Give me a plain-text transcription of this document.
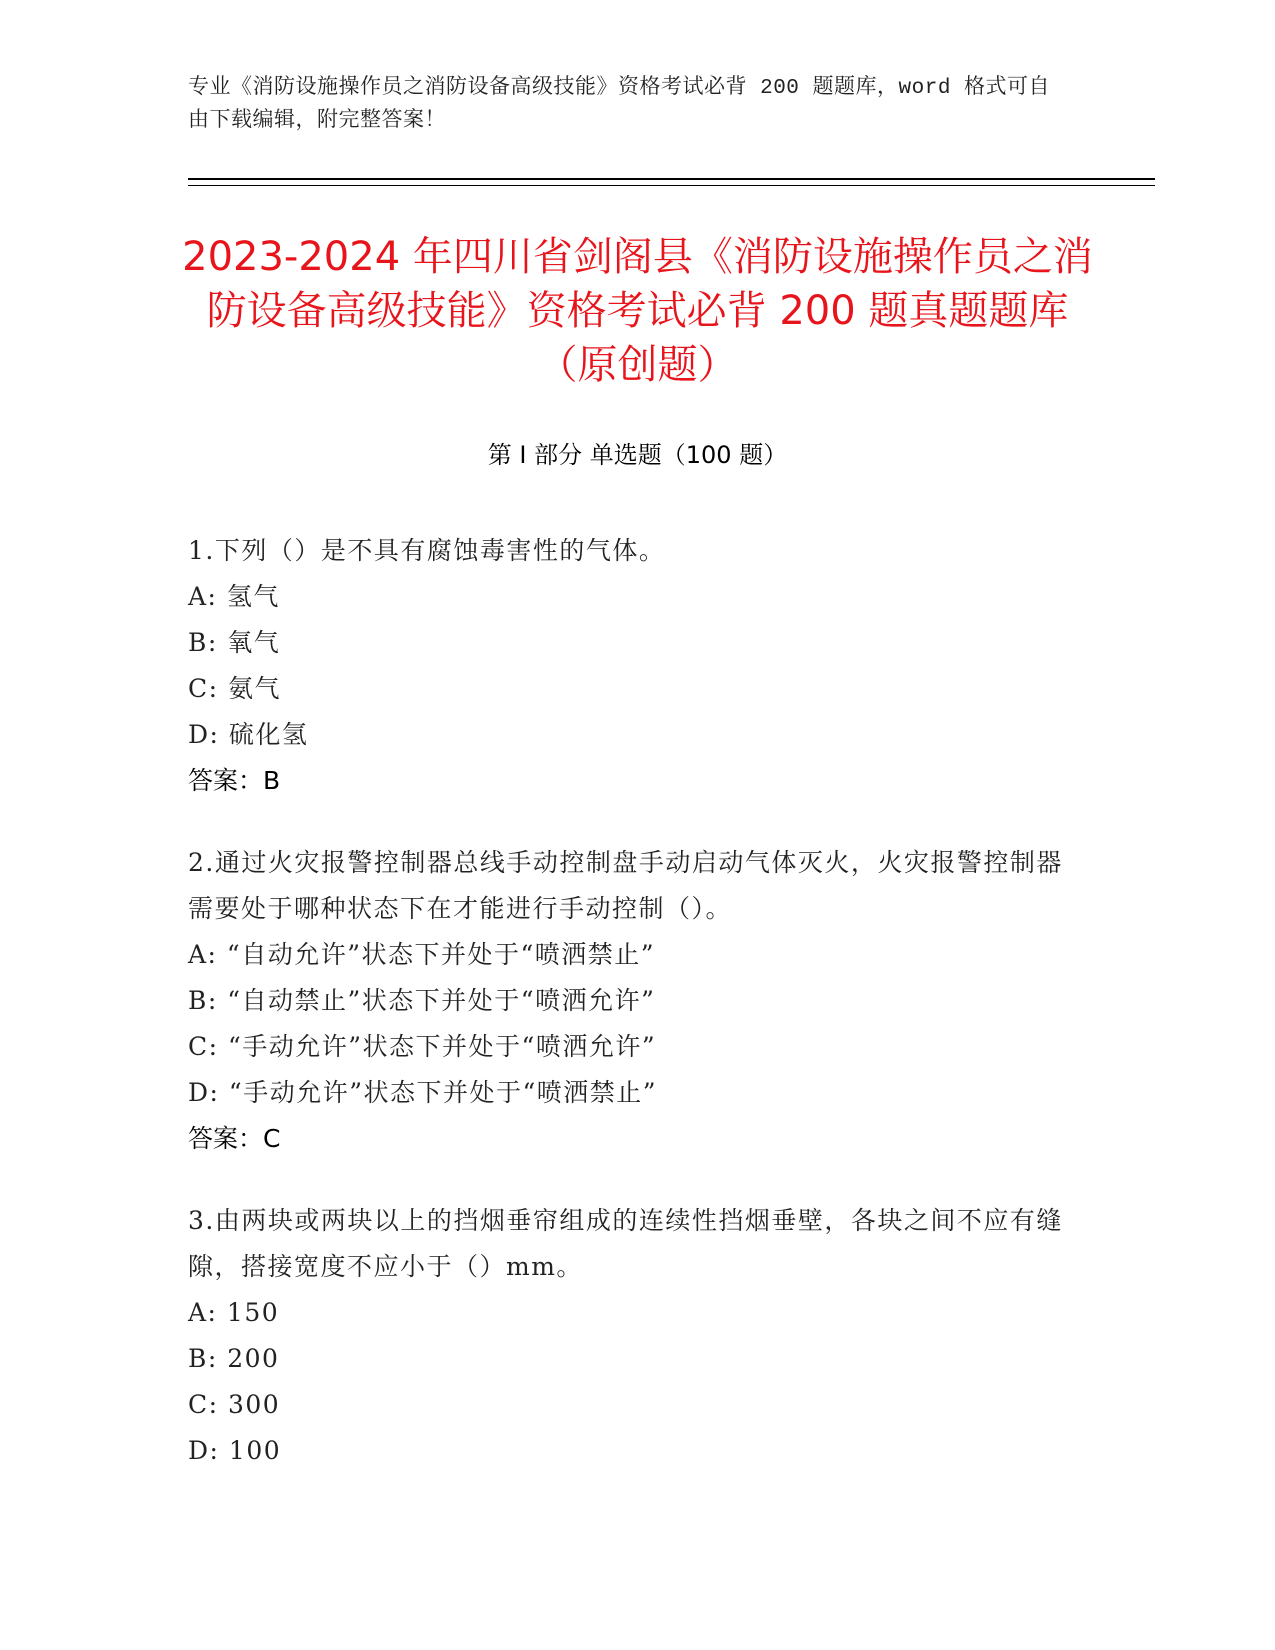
专业《消防设施操作员之消防设备高级技能》资格考试必背 200 题题库，word 格式可自由下载编辑，附完整答案！
2023-2024 年四川省剑阁县《消防设施操作员之消防设备高级技能》资格考试必背 200 题真题题库（原创题）
第 I 部分 单选题（100 题）
1.下列（）是不具有腐蚀毒害性的气体。
A: 氢气
B: 氧气
C: 氨气
D: 硫化氢
答案：B
2.通过火灾报警控制器总线手动控制盘手动启动气体灭火，火灾报警控制器需要处于哪种状态下在才能进行手动控制（）。
A: “自动允许”状态下并处于“喷洒禁止”
B: “自动禁止”状态下并处于“喷洒允许”
C: “手动允许”状态下并处于“喷洒允许”
D: “手动允许”状态下并处于“喷洒禁止”
答案：C
3.由两块或两块以上的挡烟垂帘组成的连续性挡烟垂壁，各块之间不应有缝隙，搭接宽度不应小于（）mm。
A: 150
B: 200
C: 300
D: 100
